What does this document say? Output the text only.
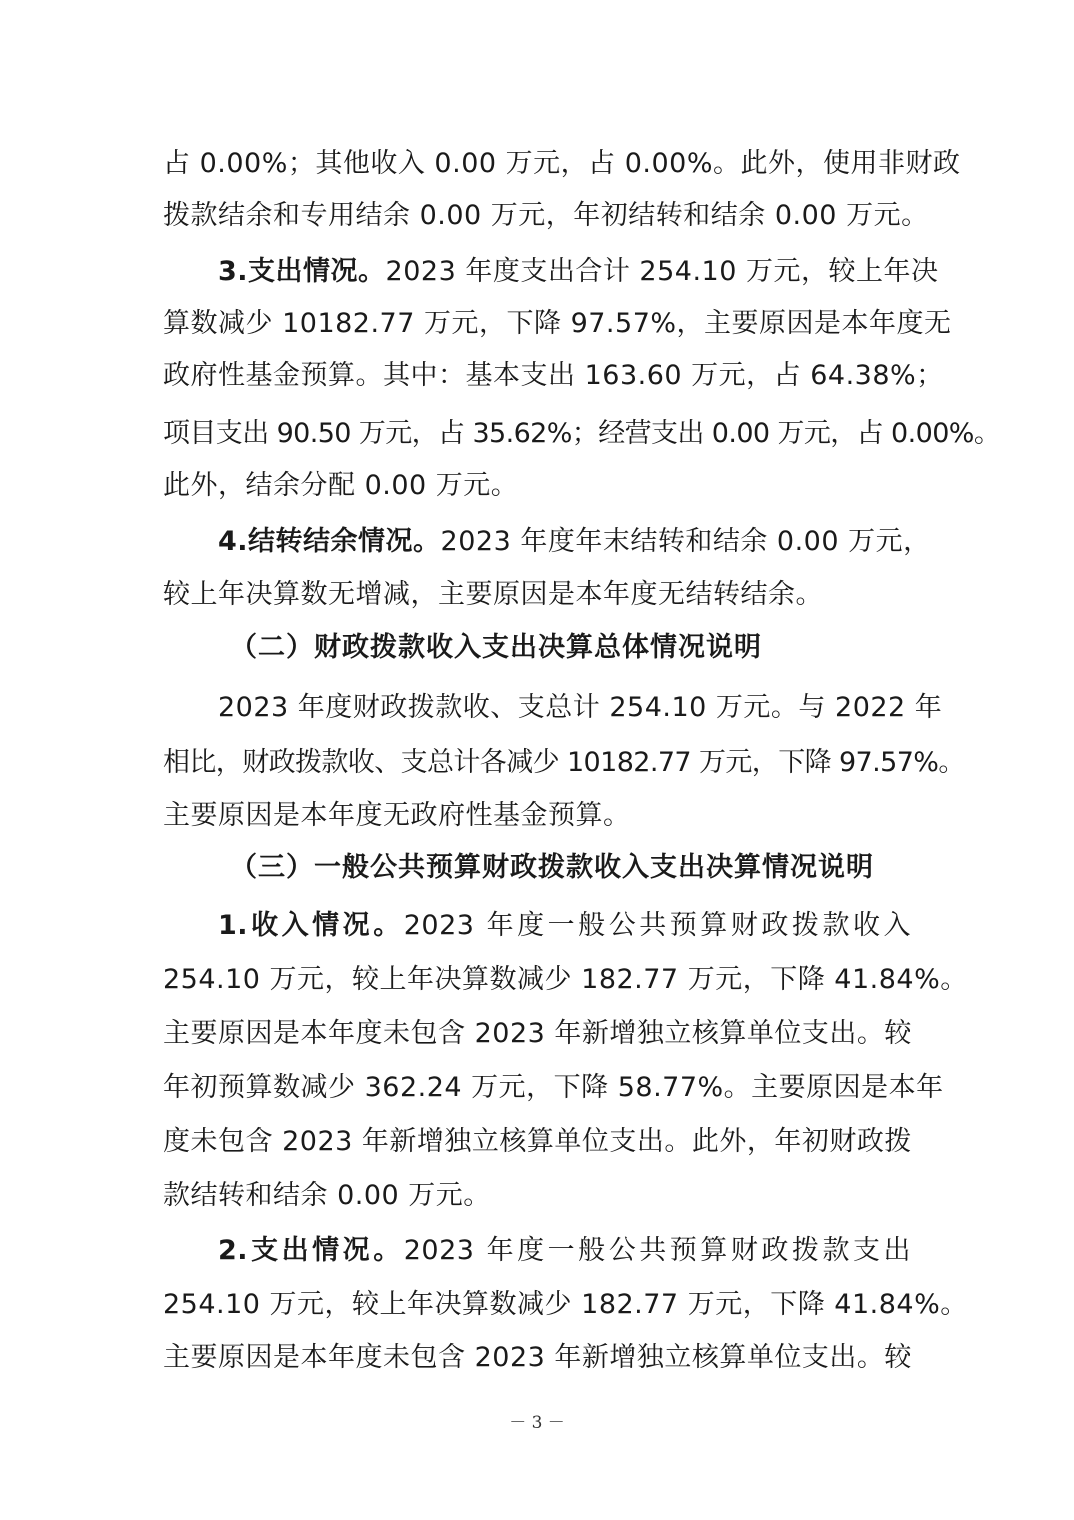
占 0.00%；其他收入 0.00 万元，占 0.00%。此外，使用非财政
拨款结余和专用结余 0.00 万元，年初结转和结余 0.00 万元。
3.支出情况。2023 年度支出合计 254.10 万元，较上年决
算数减少 10182.77 万元，下降 97.57%，主要原因是本年度无
政府性基金预算。其中：基本支出 163.60 万元，占 64.38%；
项目支出 90.50 万元，占 35.62%；经营支出 0.00 万元，占 0.00%。
此外，结余分配 0.00 万元。
4.结转结余情况。2023 年度年末结转和结余 0.00 万元，
较上年决算数无增减，主要原因是本年度无结转结余。
（二）财政拨款收入支出决算总体情况说明
2023 年度财政拨款收、支总计 254.10 万元。与 2022 年
相比，财政拨款收、支总计各减少 10182.77 万元，下降 97.57%。
主要原因是本年度无政府性基金预算。
（三）一般公共预算财政拨款收入支出决算情况说明
1.收入情况。2023 年度一般公共预算财政拨款收入
254.10 万元，较上年决算数减少 182.77 万元，下降 41.84%。
主要原因是本年度未包含 2023 年新增独立核算单位支出。较
年初预算数减少 362.24 万元，下降 58.77%。主要原因是本年
度未包含 2023 年新增独立核算单位支出。此外，年初财政拨
款结转和结余 0.00 万元。
2.支出情况。2023 年度一般公共预算财政拨款支出
254.10 万元，较上年决算数减少 182.77 万元，下降 41.84%。
主要原因是本年度未包含 2023 年新增独立核算单位支出。较
－ 3 －
